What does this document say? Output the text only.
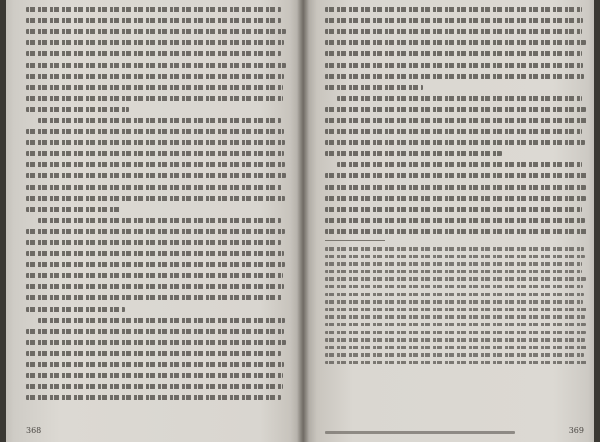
368	369
